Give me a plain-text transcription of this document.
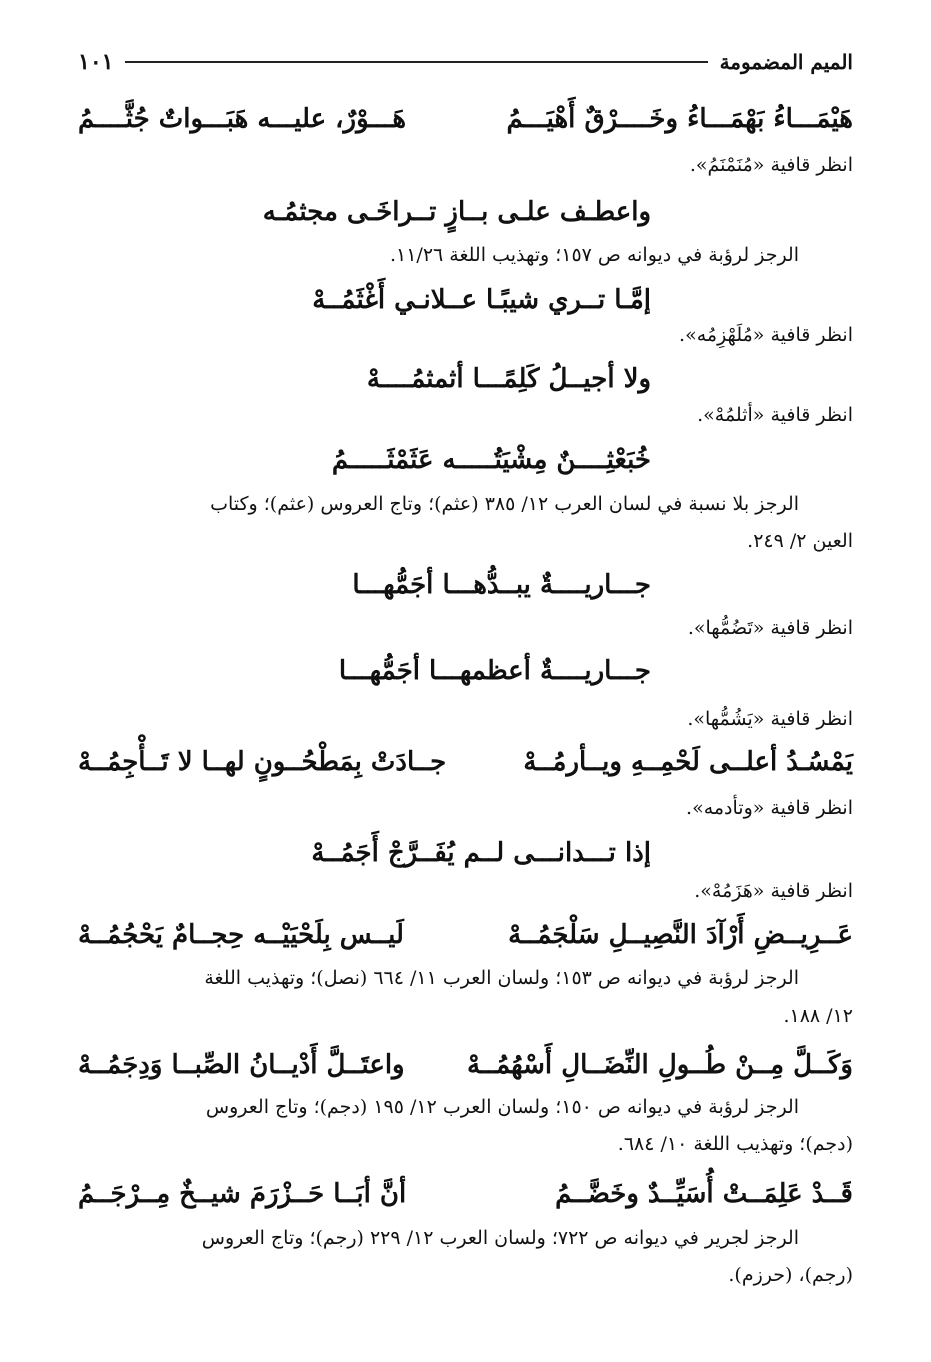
الميم المضمومة
١٠١
هَيْمَـــاءُ بَهْمَـــاءُ وخَــــرْقٌ أَهْيَـــمُ
هَـــوْرٌ، عليـــه هَبَـــواتٌ جُثَّــــمُ
انظر قافية «مُنَمْنَمُ».
واعطـف علـى بــازٍ تــراخَـى مجثمُـه
الرجز لرؤبة في ديوانه ص ١٥٧؛ وتهذيب اللغة ١١/٢٦.
إمَّـا تــري شيبًـا عــلانـي أَغْثَمُــهْ
انظر قافية «مُلَهْزِمُه».
ولا أجيــلُ كَلِمًـــا أثمثمُــــهْ
انظر قافية «أثلمُهْ».
خُبَعْثِــــنٌ مِشْيَتُـــــه عَثَمْثَـــــمُ
الرجز بلا نسبة في لسان العرب ١٢/ ٣٨٥ (عثم)؛ وتاج العروس (عثم)؛ وكتاب
العين ٢/ ٢٤٩.
جـــاريــــةٌ يبــدُّهـــا أجَمُّهـــا
انظر قافية «تَضُمُّها».
جـــاريــــةٌ أعظمهـــا أجَمُّهـــا
انظر قافية «يَشُمُّها».
يَمْسُـدُ أعلــى لَحْمِــهِ ويــأرمُــهْ
جــادَتْ بِمَطْحُــونٍ لهــا لا تَــأْجِمُــهْ
انظر قافية «وتأدمه».
إذا تـــدانـــى لــم يُفَــرَّجْ أَجَمُــهْ
انظر قافية «هَزَمُهْ».
عَــرِيــضِ أَرْآدَ النَّصِيــلِ سَلْجَمُــهْ
لَيــس بِلَحْيَيْــه حِجــامٌ يَحْجُمُــهْ
الرجز لرؤبة في ديوانه ص ١٥٣؛ ولسان العرب ١١/ ٦٦٤ (نصل)؛ وتهذيب اللغة
١٢/ ١٨٨.
وَكَــلَّ مِــنْ طُــولِ النِّضَــالِ أَسْهُمُــهْ
واعتَــلَّ أَدْيــانُ الصِّبــا وَدِجَمُــهْ
الرجز لرؤبة في ديوانه ص ١٥٠؛ ولسان العرب ١٢/ ١٩٥ (دجم)؛ وتاج العروس
(دجم)؛ وتهذيب اللغة ١٠/ ٦٨٤.
قَــدْ عَلِمَــتْ أُسَيِّــدٌ وخَضَّــمُ
أنَّ أبَــا حَــزْرَمَ شيــخٌ مِــرْجَــمُ
الرجز لجرير في ديوانه ص ٧٢٢؛ ولسان العرب ١٢/ ٢٢٩ (رجم)؛ وتاج العروس
(رجم)، (حرزم).
